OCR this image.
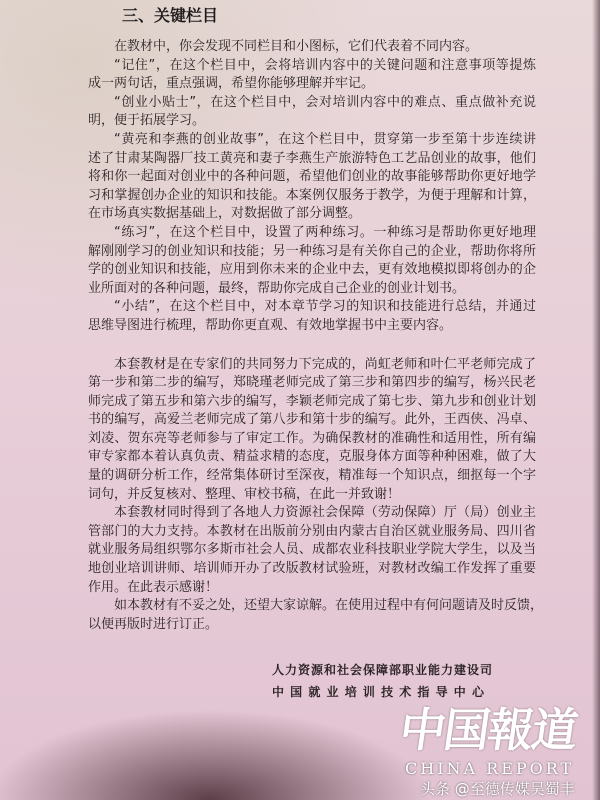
三、关键栏目
在教材中，你会发现不同栏目和小图标，它们代表着不同内容。
“记住”，在这个栏目中，会将培训内容中的关键问题和注意事项等提炼
成一两句话，重点强调，希望你能够理解并牢记。
“创业小贴士”，在这个栏目中，会对培训内容中的难点、重点做补充说
明，便于拓展学习。
“黄亮和李燕的创业故事”，在这个栏目中，贯穿第一步至第十步连续讲
述了甘肃某陶器厂技工黄亮和妻子李燕生产旅游特色工艺品创业的故事，他们
将和你一起面对创业中的各种问题，希望他们创业的故事能够帮助你更好地学
习和掌握创办企业的知识和技能。本案例仅服务于教学，为便于理解和计算，
在市场真实数据基础上，对数据做了部分调整。
“练习”，在这个栏目中，设置了两种练习。一种练习是帮助你更好地理
解刚刚学习的创业知识和技能；另一种练习是有关你自己的企业，帮助你将所
学的创业知识和技能，应用到你未来的企业中去，更有效地模拟即将创办的企
业所面对的各种问题，最终，帮助你完成自己企业的创业计划书。
“小结”，在这个栏目中，对本章节学习的知识和技能进行总结，并通过
思维导图进行梳理，帮助你更直观、有效地掌握书中主要内容。
本套教材是在专家们的共同努力下完成的，尚虹老师和叶仁平老师完成了
第一步和第二步的编写，郑晓瑾老师完成了第三步和第四步的编写，杨兴民老
师完成了第五步和第六步的编写，李颖老师完成了第七步、第九步和创业计划
书的编写，高爱兰老师完成了第八步和第十步的编写。此外，王西侠、冯卓、
刘凌、贺东亮等老师参与了审定工作。为确保教材的准确性和适用性，所有编
审专家都本着认真负责、精益求精的态度，克服身体方面等种种困难，做了大
量的调研分析工作，经常集体研讨至深夜，精准每一个知识点，细抠每一个字
词句，并反复核对、整理、审校书稿，在此一并致谢！
本套教材同时得到了各地人力资源社会保障（劳动保障）厅（局）创业主
管部门的大力支持。本教材在出版前分别由内蒙古自治区就业服务局、四川省
就业服务局组织鄂尔多斯市社会人员、成都农业科技职业学院大学生，以及当
地创业培训讲师、培训师开办了改版教材试验班，对教材改编工作发挥了重要
作用。在此表示感谢！
如本教材有不妥之处，还望大家谅解。在使用过程中有何问题请及时反馈，
以便再版时进行订正。
人力资源和社会保障部职业能力建设司
中 国 就 业 培 训 技 术 指 导 中 心
中国報道
CHINA REPORT
头条 @至德传媒吴蜀丰
